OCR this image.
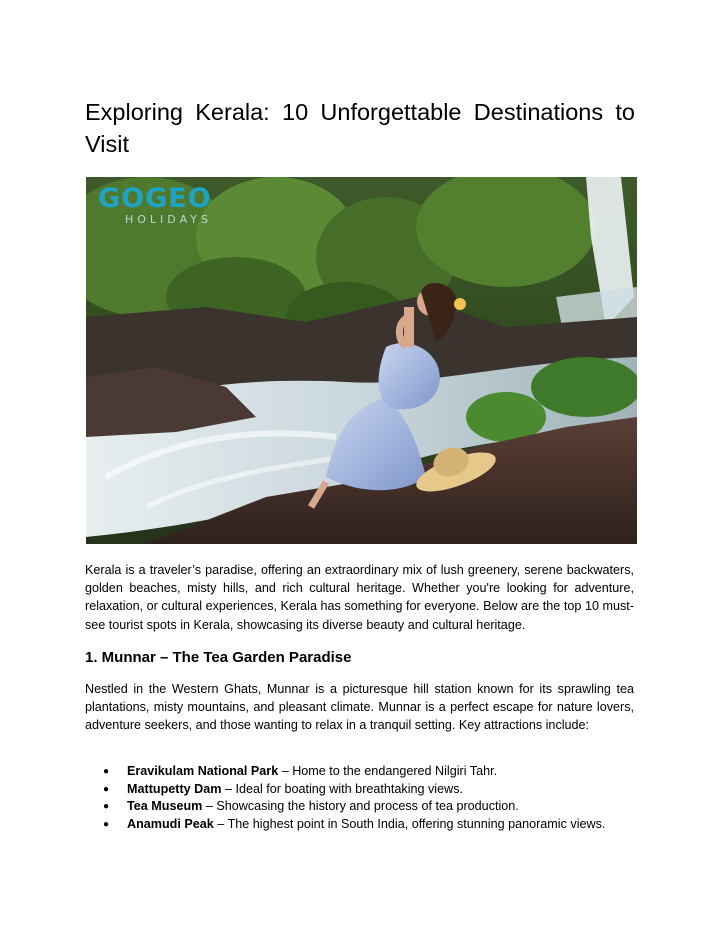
Exploring Kerala: 10 Unforgettable Destinations to Visit
GOGEO
HOLIDAYS

Kerala is a traveler’s paradise, offering an extraordinary mix of lush greenery, serene backwaters, golden beaches, misty hills, and rich cultural heritage. Whether you're looking for adventure, relaxation, or cultural experiences, Kerala has something for everyone. Below are the top 10 must-see tourist spots in Kerala, showcasing its diverse beauty and cultural heritage.

1. Munnar – The Tea Garden Paradise

Nestled in the Western Ghats, Munnar is a picturesque hill station known for its sprawling tea plantations, misty mountains, and pleasant climate. Munnar is a perfect escape for nature lovers, adventure seekers, and those wanting to relax in a tranquil setting. Key attractions include:

● Eravikulam National Park – Home to the endangered Nilgiri Tahr.
● Mattupetty Dam – Ideal for boating with breathtaking views.
● Tea Museum – Showcasing the history and process of tea production.
● Anamudi Peak – The highest point in South India, offering stunning panoramic views.
